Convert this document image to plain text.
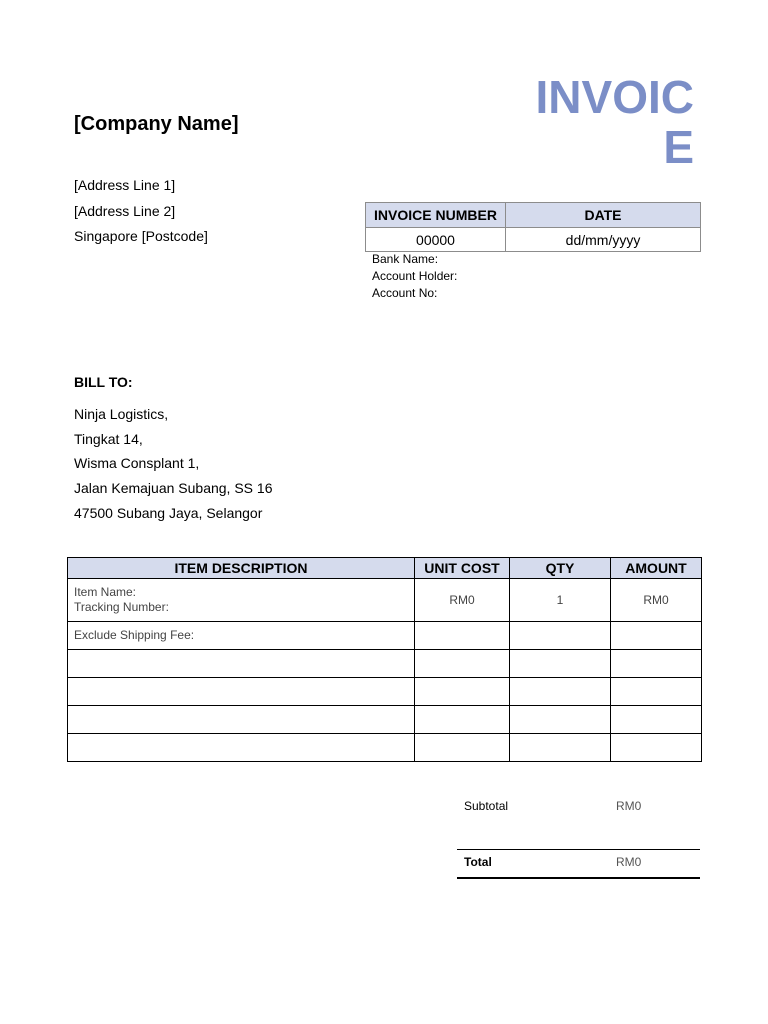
[Company Name]
[Address Line 1]
[Address Line 2]
Singapore [Postcode]
INVOIC
E
INVOICE NUMBER	DATE
00000	dd/mm/yyyy
Bank Name:
Account Holder:
Account No:
BILL TO:
Ninja Logistics,
Tingkat 14,
Wisma Consplant 1,
Jalan Kemajuan Subang, SS 16
47500 Subang Jaya, Selangor
ITEM DESCRIPTION	UNIT COST	QTY	AMOUNT

Item Name:
Tracking Number:	RM0	1	RM0
Exclude Shipping Fee:			

Subtotal	RM0
Total	RM0
